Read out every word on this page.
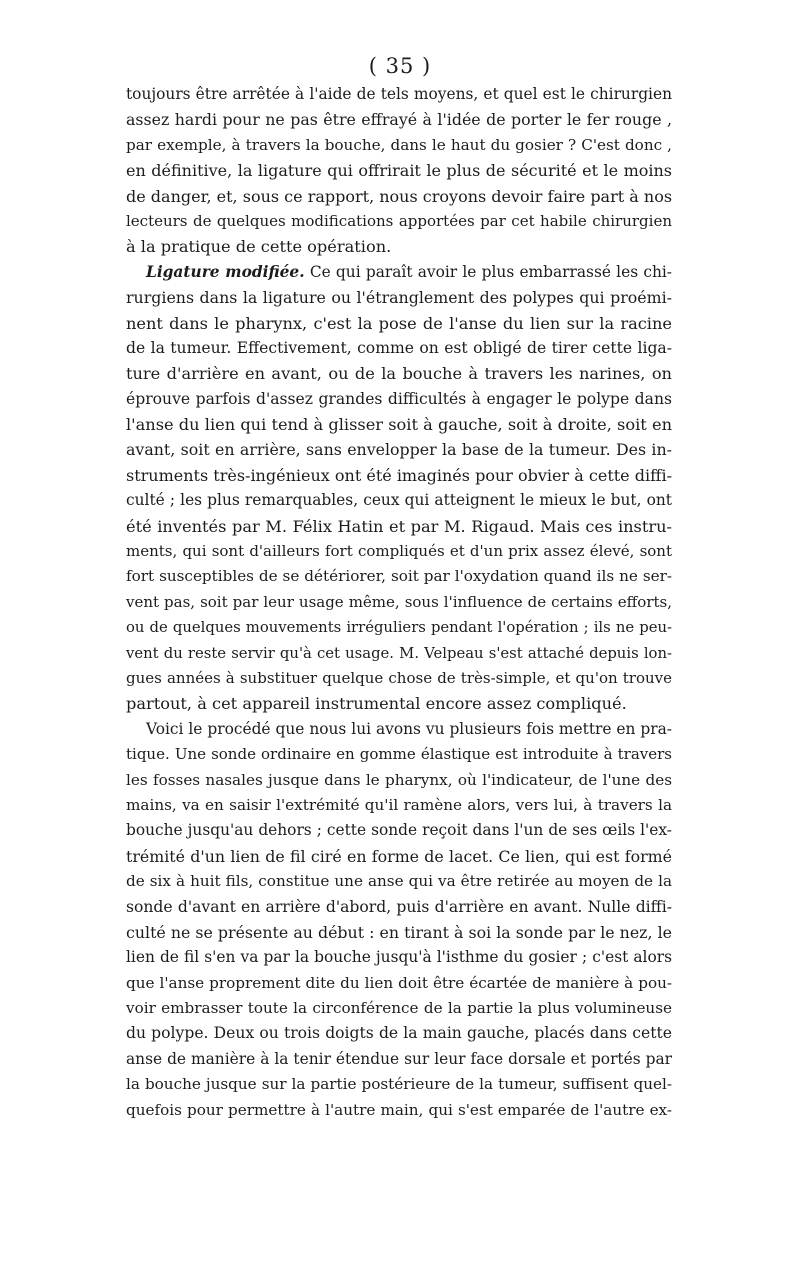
( 35 )
toujours être arrêtée à l'aide de tels moyens, et quel est le chirurgien
assez hardi pour ne pas être effrayé à l'idée de porter le fer rouge ,
par exemple, à travers la bouche, dans le haut du gosier ? C'est donc ,
en définitive, la ligature qui offrirait le plus de sécurité et le moins
de danger, et, sous ce rapport, nous croyons devoir faire part à nos
lecteurs de quelques modifications apportées par cet habile chirurgien
à la pratique de cette opération.
Ligature modifiée. Ce qui paraît avoir le plus embarrassé les chi-
rurgiens dans la ligature ou l'étranglement des polypes qui proémi-
nent dans le pharynx, c'est la pose de l'anse du lien sur la racine
de la tumeur. Effectivement, comme on est obligé de tirer cette liga-
ture d'arrière en avant, ou de la bouche à travers les narines, on
éprouve parfois d'assez grandes difficultés à engager le polype dans
l'anse du lien qui tend à glisser soit à gauche, soit à droite, soit en
avant, soit en arrière, sans envelopper la base de la tumeur. Des in-
struments très-ingénieux ont été imaginés pour obvier à cette diffi-
culté ; les plus remarquables, ceux qui atteignent le mieux le but, ont
été inventés par M. Félix Hatin et par M. Rigaud. Mais ces instru-
ments, qui sont d'ailleurs fort compliqués et d'un prix assez élevé, sont
fort susceptibles de se détériorer, soit par l'oxydation quand ils ne ser-
vent pas, soit par leur usage même, sous l'influence de certains efforts,
ou de quelques mouvements irréguliers pendant l'opération ; ils ne peu-
vent du reste servir qu'à cet usage. M. Velpeau s'est attaché depuis lon-
gues années à substituer quelque chose de très-simple, et qu'on trouve
partout, à cet appareil instrumental encore assez compliqué.
Voici le procédé que nous lui avons vu plusieurs fois mettre en pra-
tique. Une sonde ordinaire en gomme élastique est introduite à travers
les fosses nasales jusque dans le pharynx, où l'indicateur, de l'une des
mains, va en saisir l'extrémité qu'il ramène alors, vers lui, à travers la
bouche jusqu'au dehors ; cette sonde reçoit dans l'un de ses œils l'ex-
trémité d'un lien de fil ciré en forme de lacet. Ce lien, qui est formé
de six à huit fils, constitue une anse qui va être retirée au moyen de la
sonde d'avant en arrière d'abord, puis d'arrière en avant. Nulle diffi-
culté ne se présente au début : en tirant à soi la sonde par le nez, le
lien de fil s'en va par la bouche jusqu'à l'isthme du gosier ; c'est alors
que l'anse proprement dite du lien doit être écartée de manière à pou-
voir embrasser toute la circonférence de la partie la plus volumineuse
du polype. Deux ou trois doigts de la main gauche, placés dans cette
anse de manière à la tenir étendue sur leur face dorsale et portés par
la bouche jusque sur la partie postérieure de la tumeur, suffisent quel-
quefois pour permettre à l'autre main, qui s'est emparée de l'autre ex-
